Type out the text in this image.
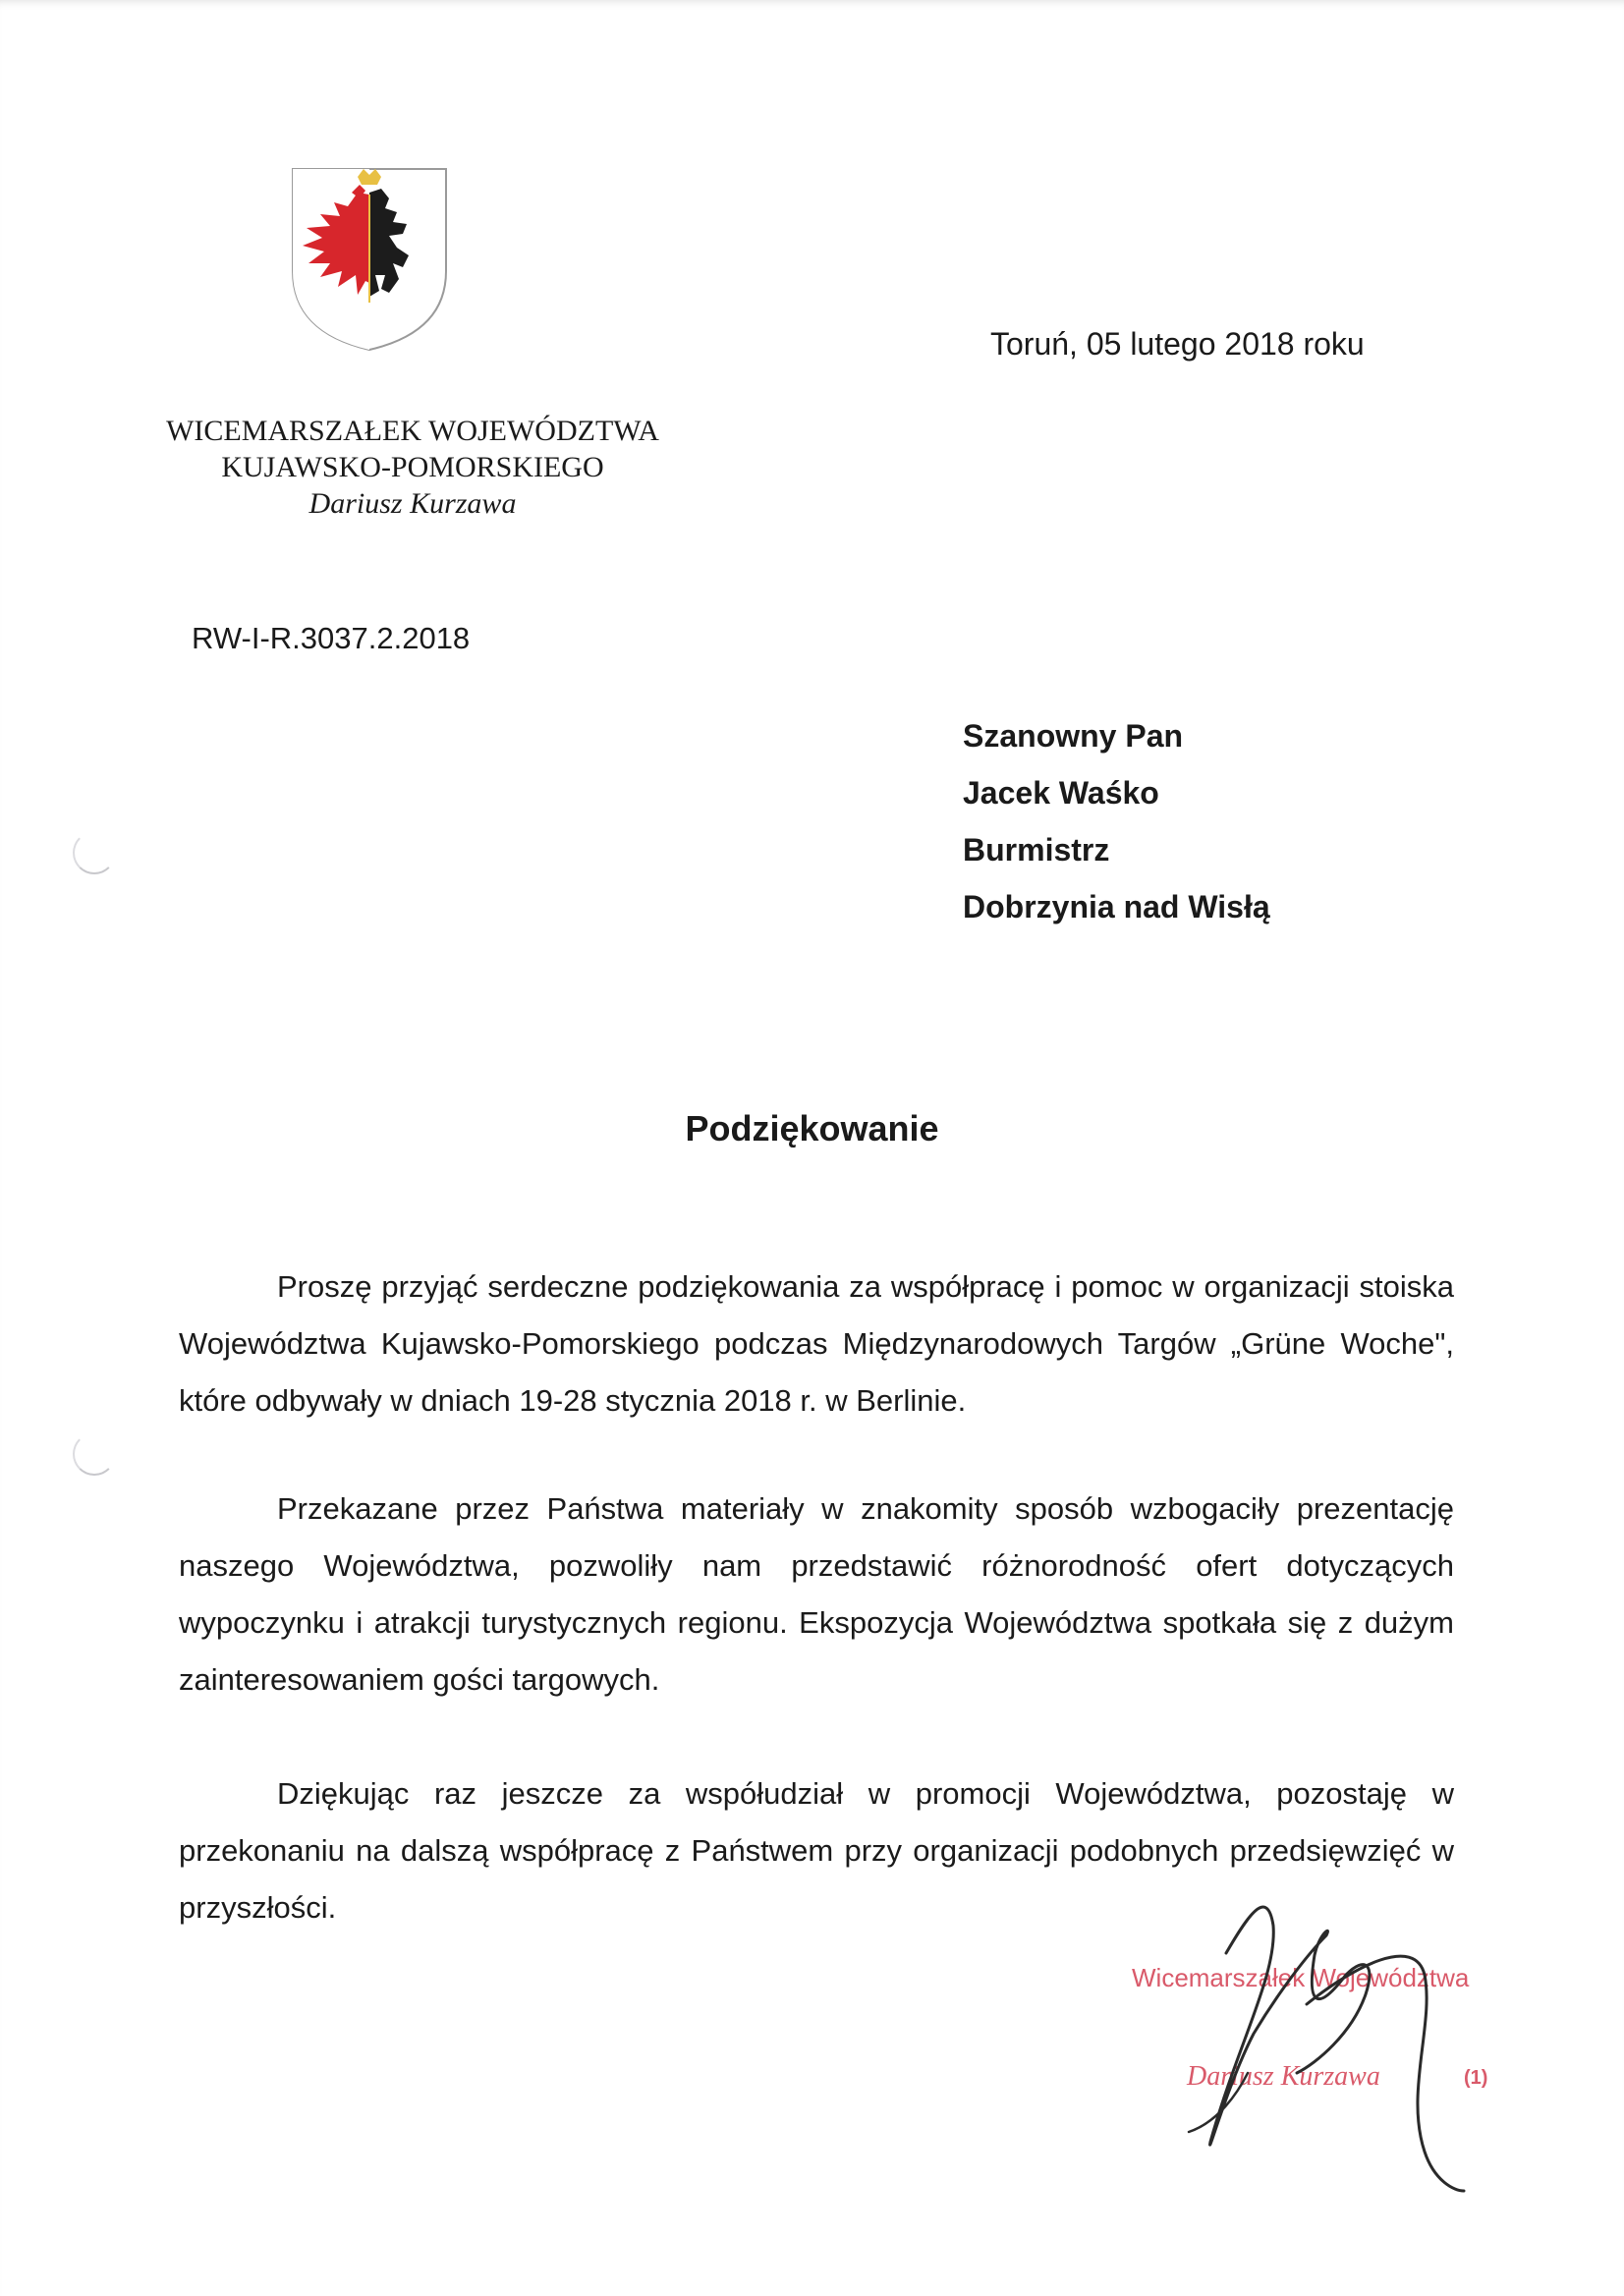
Toruń, 05 lutego 2018 roku
WICEMARSZAŁEK WOJEWÓDZTWA
KUJAWSKO-POMORSKIEGO
Dariusz Kurzawa
RW-I-R.3037.2.2018
Szanowny Pan
Jacek Waśko
Burmistrz
Dobrzynia nad Wisłą
Podziękowanie

Proszę przyjąć serdeczne podziękowania za współpracę i pomoc w organizacji stoiska Województwa Kujawsko-Pomorskiego podczas Międzynarodowych Targów „Grüne Woche", które odbywały w dniach 19-28 stycznia 2018 r. w Berlinie.

Przekazane przez Państwa materiały w znakomity sposób wzbogaciły prezentację naszego Województwa, pozwoliły nam przedstawić różnorodność ofert dotyczących wypoczynku i atrakcji turystycznych regionu. Ekspozycja Województwa spotkała się z dużym zainteresowaniem gości targowych.

Dziękując raz jeszcze za współudział w promocji Województwa, pozostaję w przekonaniu na dalszą współpracę z Państwem przy organizacji podobnych przedsięwzięć w przyszłości.

Wicemarszałek Województwa
Dariusz Kurzawa	(1)
